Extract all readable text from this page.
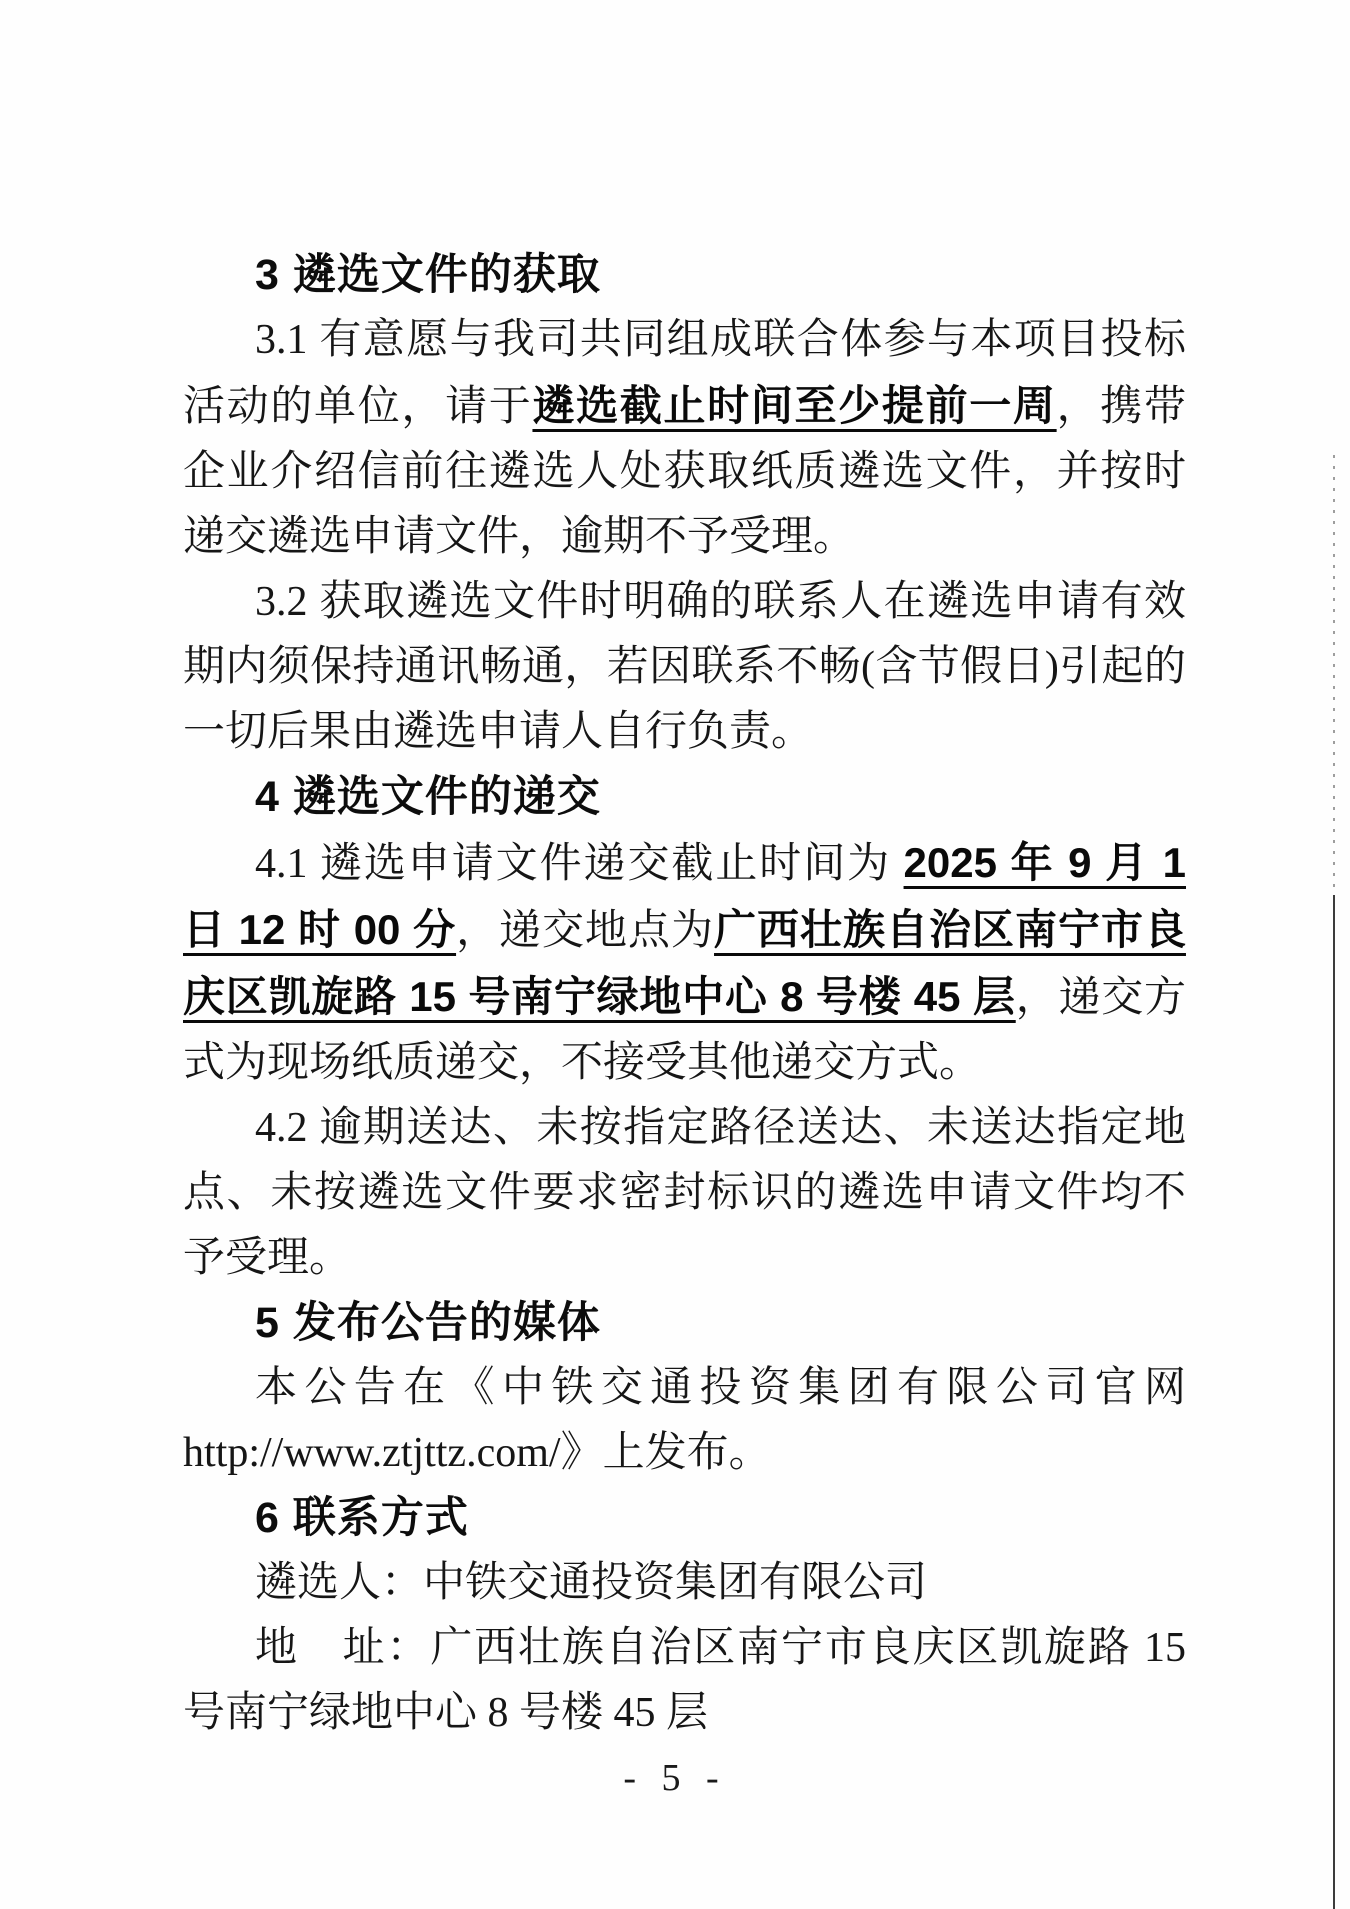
3 遴选文件的获取

3.1 有意愿与我司共同组成联合体参与本项目投标活动的单位，请于遴选截止时间至少提前一周，携带企业介绍信前往遴选人处获取纸质遴选文件，并按时递交遴选申请文件，逾期不予受理。

3.2 获取遴选文件时明确的联系人在遴选申请有效期内须保持通讯畅通，若因联系不畅(含节假日)引起的一切后果由遴选申请人自行负责。

4 遴选文件的递交

4.1 遴选申请文件递交截止时间为 2025 年 9 月 1 日 12 时 00 分，递交地点为广西壮族自治区南宁市良庆区凯旋路 15 号南宁绿地中心 8 号楼 45 层，递交方式为现场纸质递交，不接受其他递交方式。

4.2 逾期送达、未按指定路径送达、未送达指定地点、未按遴选文件要求密封标识的遴选申请文件均不予受理。

5 发布公告的媒体

本公告在《中铁交通投资集团有限公司官网 http://www.ztjttz.com/》上发布。

6 联系方式

遴选人：中铁交通投资集团有限公司

地　址：广西壮族自治区南宁市良庆区凯旋路 15 号南宁绿地中心 8 号楼 45 层

- 5 -
